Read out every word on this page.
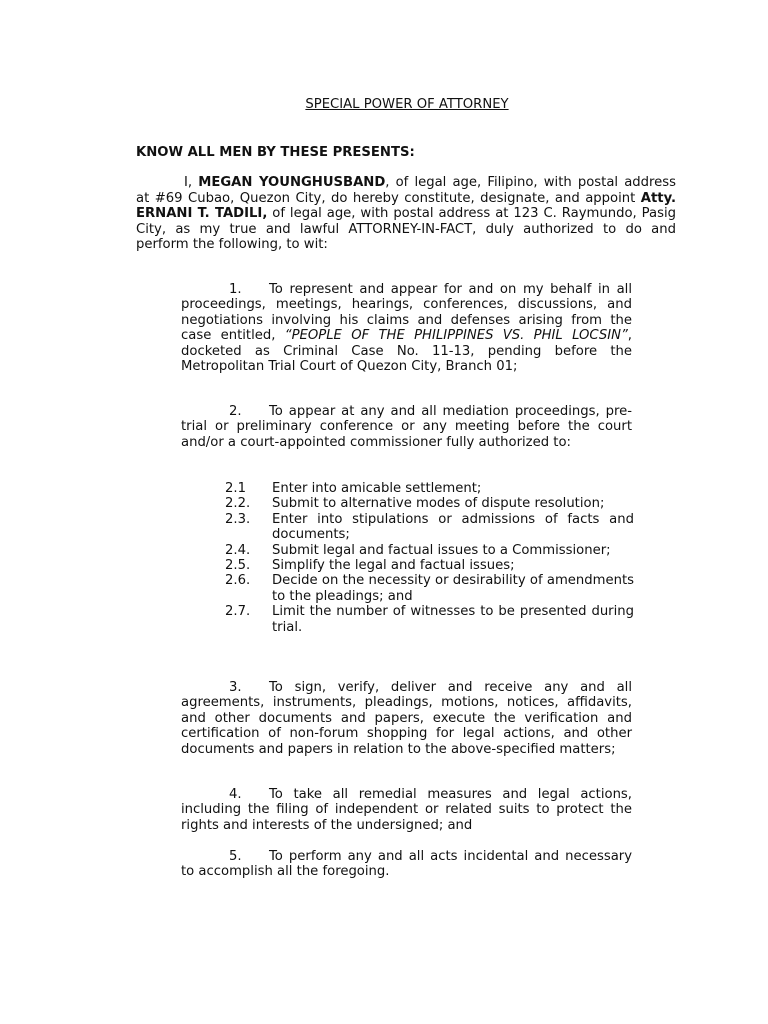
SPECIAL POWER OF ATTORNEY
KNOW ALL MEN BY THESE PRESENTS:

I, MEGAN YOUNGHUSBAND, of legal age, Filipino, with postal address at #69 Cubao, Quezon City, do hereby constitute, designate, and appoint Atty. ERNANI T. TADILI, of legal age, with postal address at 123 C. Raymundo, Pasig City, as my true and lawful ATTORNEY-IN-FACT, duly authorized to do and perform the following, to wit:

1. To represent and appear for and on my behalf in all proceedings, meetings, hearings, conferences, discussions, and negotiations involving his claims and defenses arising from the case entitled, “PEOPLE OF THE PHILIPPINES VS. PHIL LOCSIN”, docketed as Criminal Case No. 11-13, pending before the Metropolitan Trial Court of Quezon City, Branch 01;

2. To appear at any and all mediation proceedings, pre-trial or preliminary conference or any meeting before the court and/or a court-appointed commissioner fully authorized to:

2.1	Enter into amicable settlement;
2.2.	Submit to alternative modes of dispute resolution;
2.3.	Enter into stipulations or admissions of facts and documents;
2.4.	Submit legal and factual issues to a Commissioner;
2.5.	Simplify the legal and factual issues;
2.6.	Decide on the necessity or desirability of amendments to the pleadings; and
2.7.	Limit the number of witnesses to be presented during trial.

3. To sign, verify, deliver and receive any and all agreements, instruments, pleadings, motions, notices, affidavits, and other documents and papers, execute the verification and certification of non-forum shopping for legal actions, and other documents and papers in relation to the above-specified matters;

4. To take all remedial measures and legal actions, including the filing of independent or related suits to protect the rights and interests of the undersigned; and

5. To perform any and all acts incidental and necessary to accomplish all the foregoing.
